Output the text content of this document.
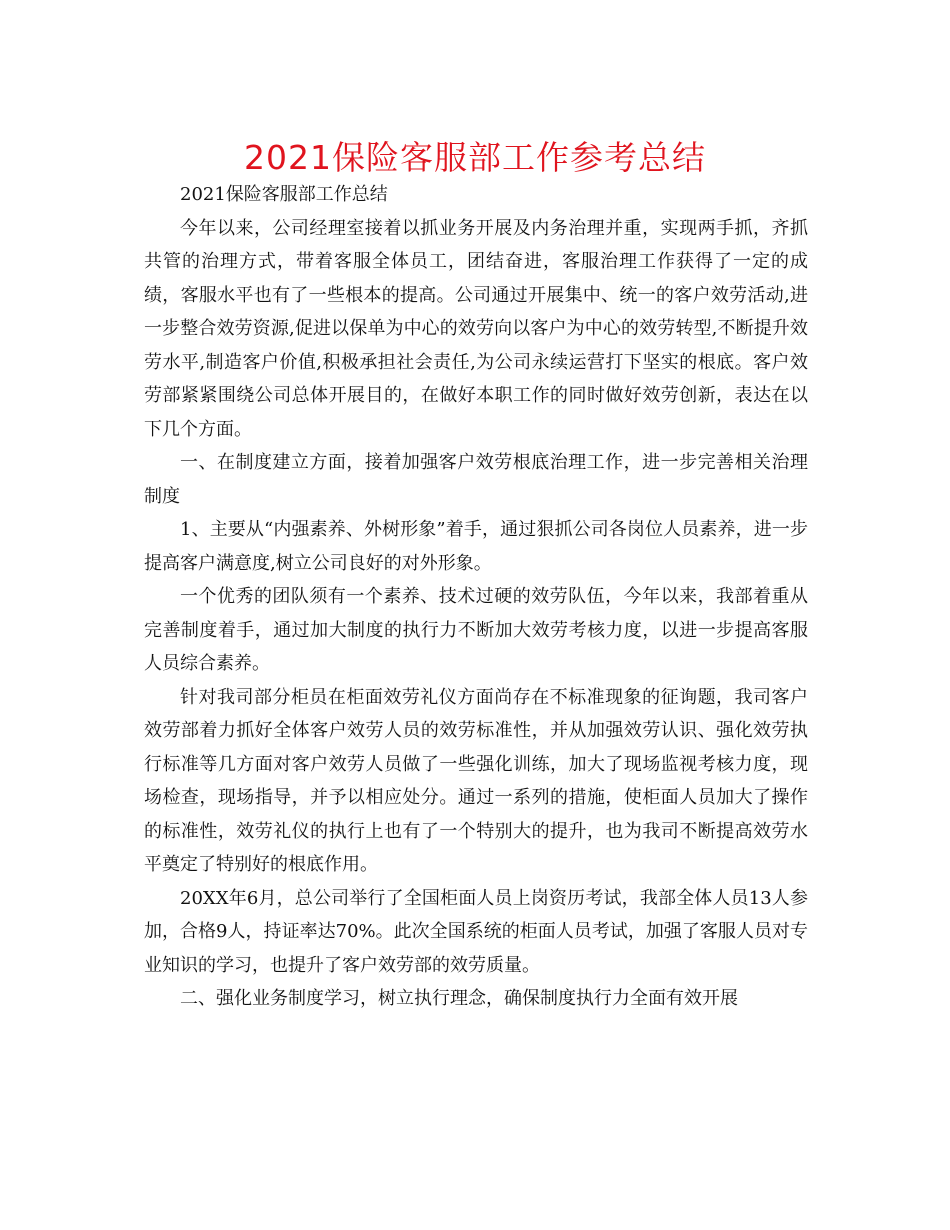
2021保险客服部工作参考总结

2021保险客服部工作总结

今年以来，公司经理室接着以抓业务开展及内务治理并重，实现两手抓，齐抓共管的治理方式，带着客服全体员工，团结奋进，客服治理工作获得了一定的成绩，客服水平也有了一些根本的提高。公司通过开展集中、统一的客户效劳活动,进一步整合效劳资源,促进以保单为中心的效劳向以客户为中心的效劳转型,不断提升效劳水平,制造客户价值,积极承担社会责任,为公司永续运营打下坚实的根底。客户效劳部紧紧围绕公司总体开展目的，在做好本职工作的同时做好效劳创新，表达在以下几个方面。

一、在制度建立方面，接着加强客户效劳根底治理工作，进一步完善相关治理制度

1、主要从“内强素养、外树形象”着手，通过狠抓公司各岗位人员素养，进一步提高客户满意度,树立公司良好的对外形象。

一个优秀的团队须有一个素养、技术过硬的效劳队伍，今年以来，我部着重从完善制度着手，通过加大制度的执行力不断加大效劳考核力度，以进一步提高客服人员综合素养。

针对我司部分柜员在柜面效劳礼仪方面尚存在不标准现象的征询题，我司客户效劳部着力抓好全体客户效劳人员的效劳标准性，并从加强效劳认识、强化效劳执行标准等几方面对客户效劳人员做了一些强化训练，加大了现场监视考核力度，现场检查，现场指导，并予以相应处分。通过一系列的措施，使柜面人员加大了操作的标准性，效劳礼仪的执行上也有了一个特别大的提升，也为我司不断提高效劳水平奠定了特别好的根底作用。

20XX年6月，总公司举行了全国柜面人员上岗资历考试，我部全体人员13人参加，合格9人，持证率达70%。此次全国系统的柜面人员考试，加强了客服人员对专业知识的学习，也提升了客户效劳部的效劳质量。

二、强化业务制度学习，树立执行理念，确保制度执行力全面有效开展
